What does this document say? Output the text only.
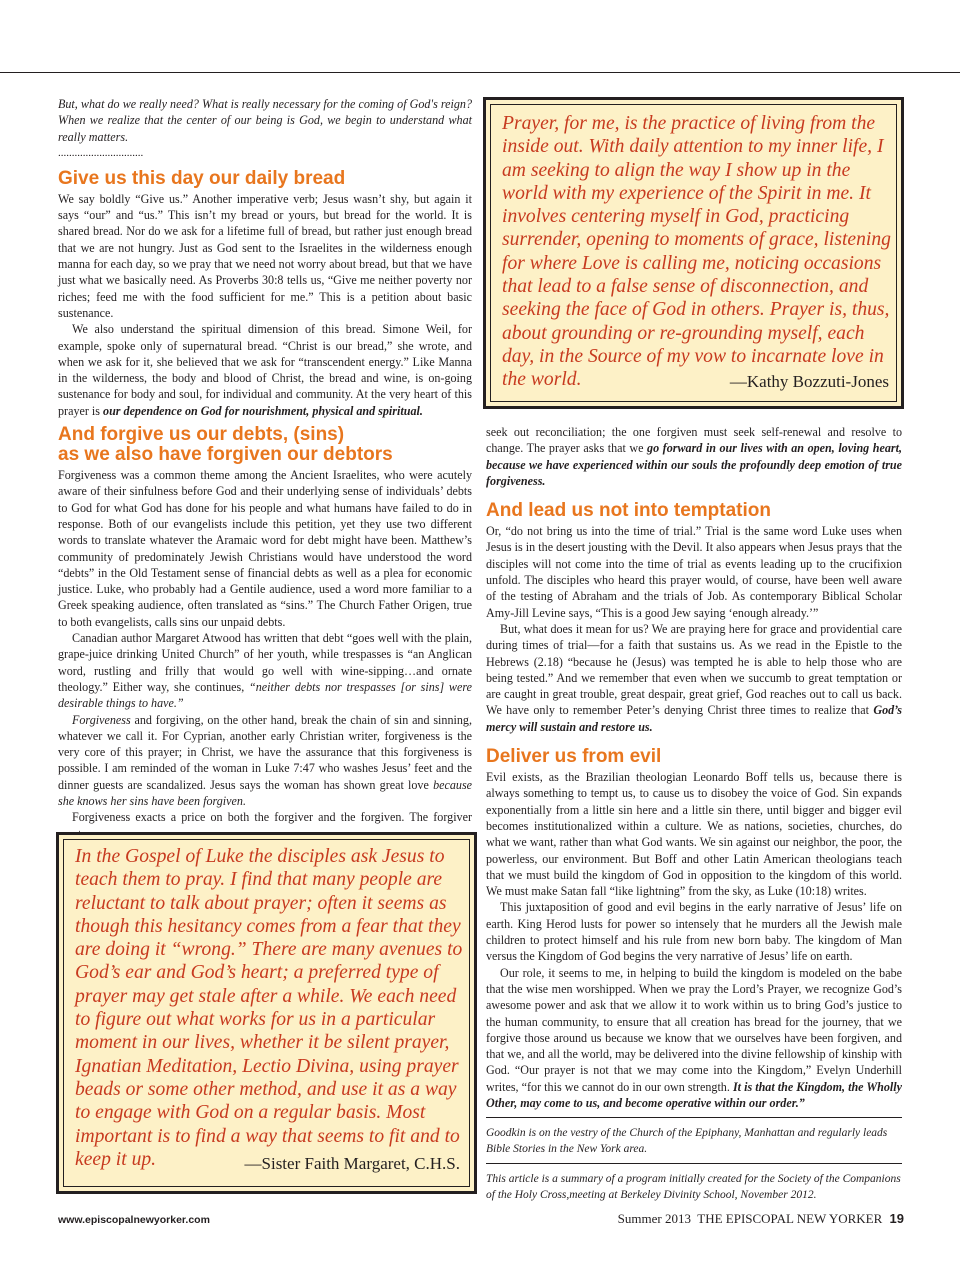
But, what do we really need? What is really necessary for the coming of God's reign? When we realize that the center of our being is God, we begin to understand what really matters.

...............................

Give us this day our daily bread

We say boldly “Give us.” Another imperative verb; Jesus wasn’t shy, but again it says “our” and “us.” This isn’t my bread or yours, but bread for the world. It is shared bread. Nor do we ask for a lifetime full of bread, but rather just enough bread that we are not hungry. Just as God sent to the Israelites in the wilderness enough manna for each day, so we pray that we need not worry about bread, but that we have just what we basically need. As Proverbs 30:8 tells us, “Give me neither poverty nor riches; feed me with the food sufficient for me.” This is a petition about basic sustenance.

We also understand the spiritual dimension of this bread. Simone Weil, for example, spoke only of supernatural bread. “Christ is our bread,” she wrote, and when we ask for it, she believed that we ask for “transcendent energy.” Like Manna in the wilderness, the body and blood of Christ, the bread and wine, is on-going sustenance for body and soul, for individual and community. At the very heart of this prayer is our dependence on God for nourishment, physical and spiritual.

And forgive us our debts, (sins)
as we also have forgiven our debtors

Forgiveness was a common theme among the Ancient Israelites, who were acutely aware of their sinfulness before God and their underlying sense of individuals’ debts to God for what God has done for his people and what humans have failed to do in response. Both of our evangelists include this petition, yet they use two different words to translate whatever the Aramaic word for debt might have been. Matthew’s community of predominately Jewish Christians would have understood the word “debts” in the Old Testament sense of financial debts as well as a plea for economic justice. Luke, who probably had a Gentile audience, used a word more familiar to a Greek speaking audience, often translated as “sins.” The Church Father Origen, true to both evangelists, calls sins our unpaid debts.

Canadian author Margaret Atwood has written that debt “goes well with the plain, grape-juice drinking United Church” of her youth, while trespasses is “an Anglican word, rustling and frilly that would go well with wine-sipping…and ornate theology.” Either way, she continues, “neither debts nor trespasses [or sins] were desirable things to have.”

Forgiveness and forgiving, on the other hand, break the chain of sin and sinning, whatever we call it. For Cyprian, another early Christian writer, forgiveness is the very core of this prayer; in Christ, we have the assurance that this forgiveness is possible. I am reminded of the woman in Luke 7:47 who washes Jesus’ feet and the dinner guests are scandalized. Jesus says the woman has shown great love because she knows her sins have been forgiven.

Forgiveness exacts a price on both the forgiver and the forgiven. The forgiver

Prayer, for me, is the practice of living from the inside out. With daily attention to my inner life, I am seeking to align the way I show up in the world with my experience of the Spirit in me. It involves centering myself in God, practicing surrender, opening to moments of grace, listening for where Love is calling me, noticing occasions that lead to a false sense of disconnection, and seeking the face of God in others. Prayer is, thus, about grounding or re-grounding myself, each day, in the Source of my vow to incarnate love in the world.	—Kathy Bozzuti-Jones

seek out reconciliation; the one forgiven must seek self-renewal and resolve to change. The prayer asks that we go forward in our lives with an open, loving heart, because we have experienced within our souls the profoundly deep emotion of true forgiveness.

And lead us not into temptation

Or, “do not bring us into the time of trial.” Trial is the same word Luke uses when Jesus is in the desert jousting with the Devil. It also appears when Jesus prays that the disciples will not come into the time of trial as events leading up to the crucifixion unfold. The disciples who heard this prayer would, of course, have been well aware of the testing of Abraham and the trials of Job. As contemporary Biblical Scholar Amy-Jill Levine says, “This is a good Jew saying ‘enough already.’”

But, what does it mean for us? We are praying here for grace and providential care during times of trial—for a faith that sustains us. As we read in the Epistle to the Hebrews (2.18) “because he (Jesus) was tempted he is able to help those who are being tested.” And we remember that even when we succumb to great temptation or are caught in great trouble, great despair, great grief, God reaches out to call us back. We have only to remember Peter’s denying Christ three times to realize that God’s mercy will sustain and restore us.

Deliver us from evil

Evil exists, as the Brazilian theologian Leonardo Boff tells us, because there is always something to tempt us, to cause us to disobey the voice of God. Sin expands exponentially from a little sin here and a little sin there, until bigger and bigger evil becomes institutionalized within a culture. We as nations, societies, churches, do what we want, rather than what God wants. We sin against our neighbor, the poor, the powerless, our environment. But Boff and other Latin American theologians teach that we must build the kingdom of God in opposition to the kingdom of this world. We must make Satan fall “like lightning” from the sky, as Luke (10:18) writes.

This juxtaposition of good and evil begins in the early narrative of Jesus’ life on earth. King Herod lusts for power so intensely that he murders all the Jewish male children to protect himself and his rule from new born baby. The kingdom of Man versus the Kingdom of God begins the very narrative of Jesus’ life on earth.

Our role, it seems to me, in helping to build the kingdom is modeled on the babe that the wise men worshipped. When we pray the Lord’s Prayer, we recognize God’s awesome power and ask that we allow it to work within us to bring God’s justice to the human community, to ensure that all creation has bread for the journey, that we forgive those around us because we know that we ourselves have been forgiven, and that we, and all the world, may be delivered into the divine fellowship of kinship with God. “Our prayer is not that we may come into the Kingdom,” Evelyn Underhill writes, “for this we cannot do in our own strength. It is that the Kingdom, the Wholly Other, may come to us, and become operative within our order.”

Goodkin is on the vestry of the Church of the Epiphany, Manhattan and regularly leads Bible Stories in the New York area.

This article is a summary of a program initially created for the Society of the Companions of the Holy Cross,meeting at Berkeley Divinity School, November 2012.

In the Gospel of Luke the disciples ask Jesus to teach them to pray. I find that many people are reluctant to talk about prayer; often it seems as though this hesitancy comes from a fear that they are doing it “wrong.” There are many avenues to God’s ear and God’s heart; a preferred type of prayer may get stale after a while. We each need to figure out what works for us in a particular moment in our lives, whether it be silent prayer, Ignatian Meditation, Lectio Divina, using prayer beads or some other method, and use it as a way to engage with God on a regular basis. Most important is to find a way that seems to fit and to keep it up.	—Sister Faith Margaret, C.H.S.
www.episcopalnewyorker.com	Summer 2013 THE EPISCOPAL NEW YORKER 19
